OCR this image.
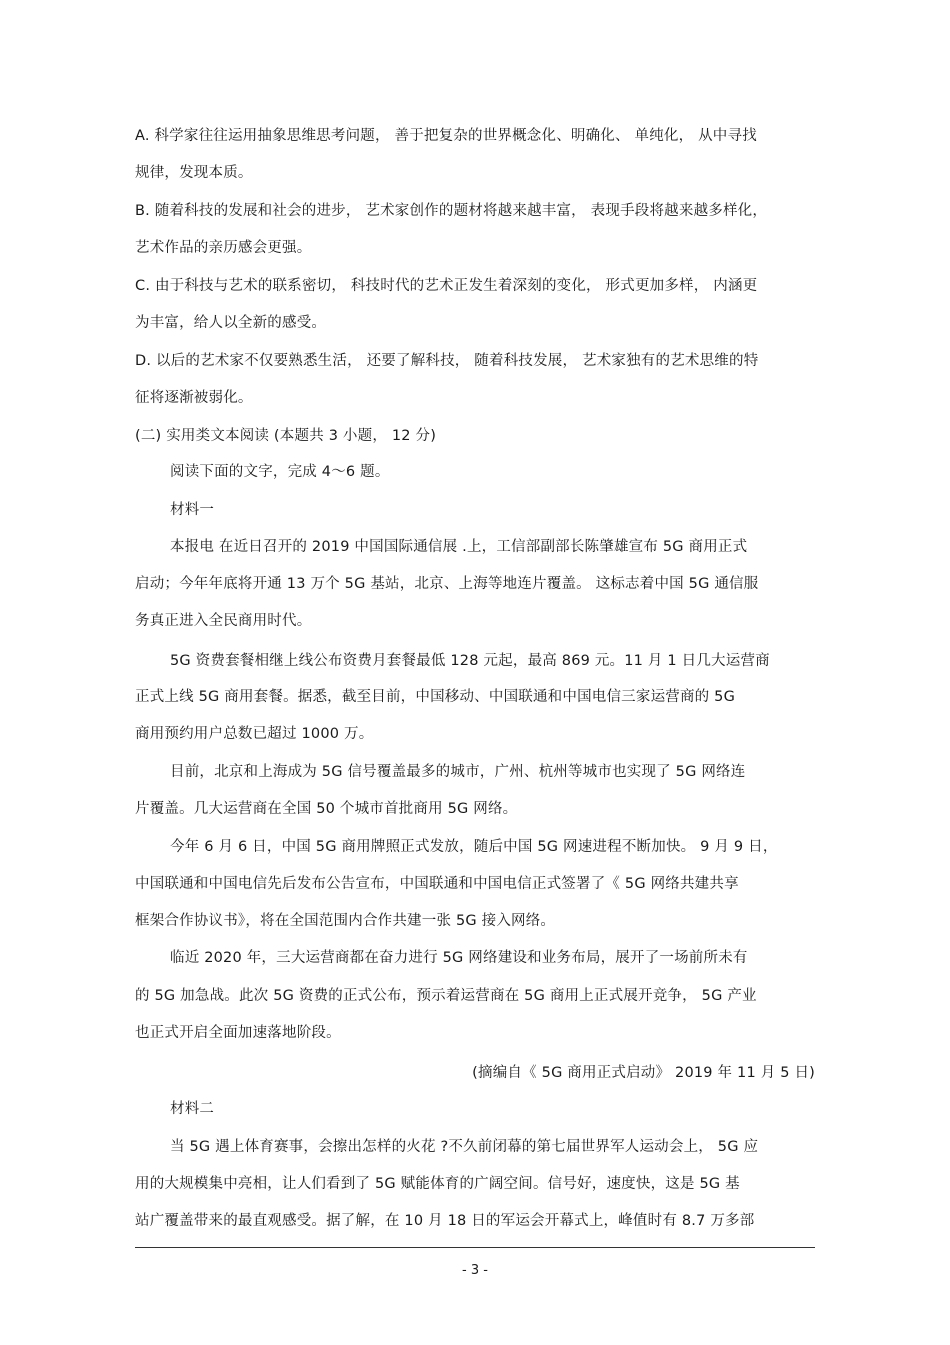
A. 科学家往往运用抽象思维思考问题， 善于把复杂的世界概念化、明确化、 单纯化， 从中寻找
规律，发现本质。
B. 随着科技的发展和社会的进步， 艺术家创作的题材将越来越丰富， 表现手段将越来越多样化，
艺术作品的亲历感会更强。
C. 由于科技与艺术的联系密切， 科技时代的艺术正发生着深刻的变化， 形式更加多样， 内涵更
为丰富，给人以全新的感受。
D. 以后的艺术家不仅要熟悉生活， 还要了解科技， 随着科技发展， 艺术家独有的艺术思维的特
征将逐渐被弱化。
(二) 实用类文本阅读 (本题共 3 小题， 12 分)
阅读下面的文字，完成 4～6 题。
材料一
本报电 在近日召开的 2019 中国国际通信展 .上，工信部副部长陈肇雄宣布 5G 商用正式
启动；今年年底将开通 13 万个 5G 基站，北京、上海等地连片覆盖。 这标志着中国 5G 通信服
务真正进入全民商用时代。
5G 资费套餐相继上线公布资费月套餐最低 128 元起，最高 869 元。11 月 1 日几大运营商
正式上线 5G 商用套餐。据悉，截至目前，中国移动、中国联通和中国电信三家运营商的 5G
商用预约用户总数已超过 1000 万。
目前，北京和上海成为 5G 信号覆盖最多的城市，广州、杭州等城市也实现了 5G 网络连
片覆盖。几大运营商在全国 50 个城市首批商用 5G 网络。
今年 6 月 6 日，中国 5G 商用牌照正式发放，随后中国 5G 网速进程不断加快。 9 月 9 日，
中国联通和中国电信先后发布公告宣布，中国联通和中国电信正式签署了《 5G 网络共建共享
框架合作协议书》，将在全国范围内合作共建一张 5G 接入网络。
临近 2020 年，三大运营商都在奋力进行 5G 网络建设和业务布局，展开了一场前所未有
的 5G 加急战。此次 5G 资费的正式公布，预示着运营商在 5G 商用上正式展开竞争， 5G 产业
也正式开启全面加速落地阶段。
(摘编自《 5G 商用正式启动》 2019 年 11 月 5 日)
材料二
当 5G 遇上体育赛事，会擦出怎样的火花 ?不久前闭幕的第七届世界军人运动会上， 5G 应
用的大规模集中亮相，让人们看到了 5G 赋能体育的广阔空间。信号好，速度快，这是 5G 基
站广覆盖带来的最直观感受。据了解，在 10 月 18 日的军运会开幕式上，峰值时有 8.7 万多部
- 3 -
